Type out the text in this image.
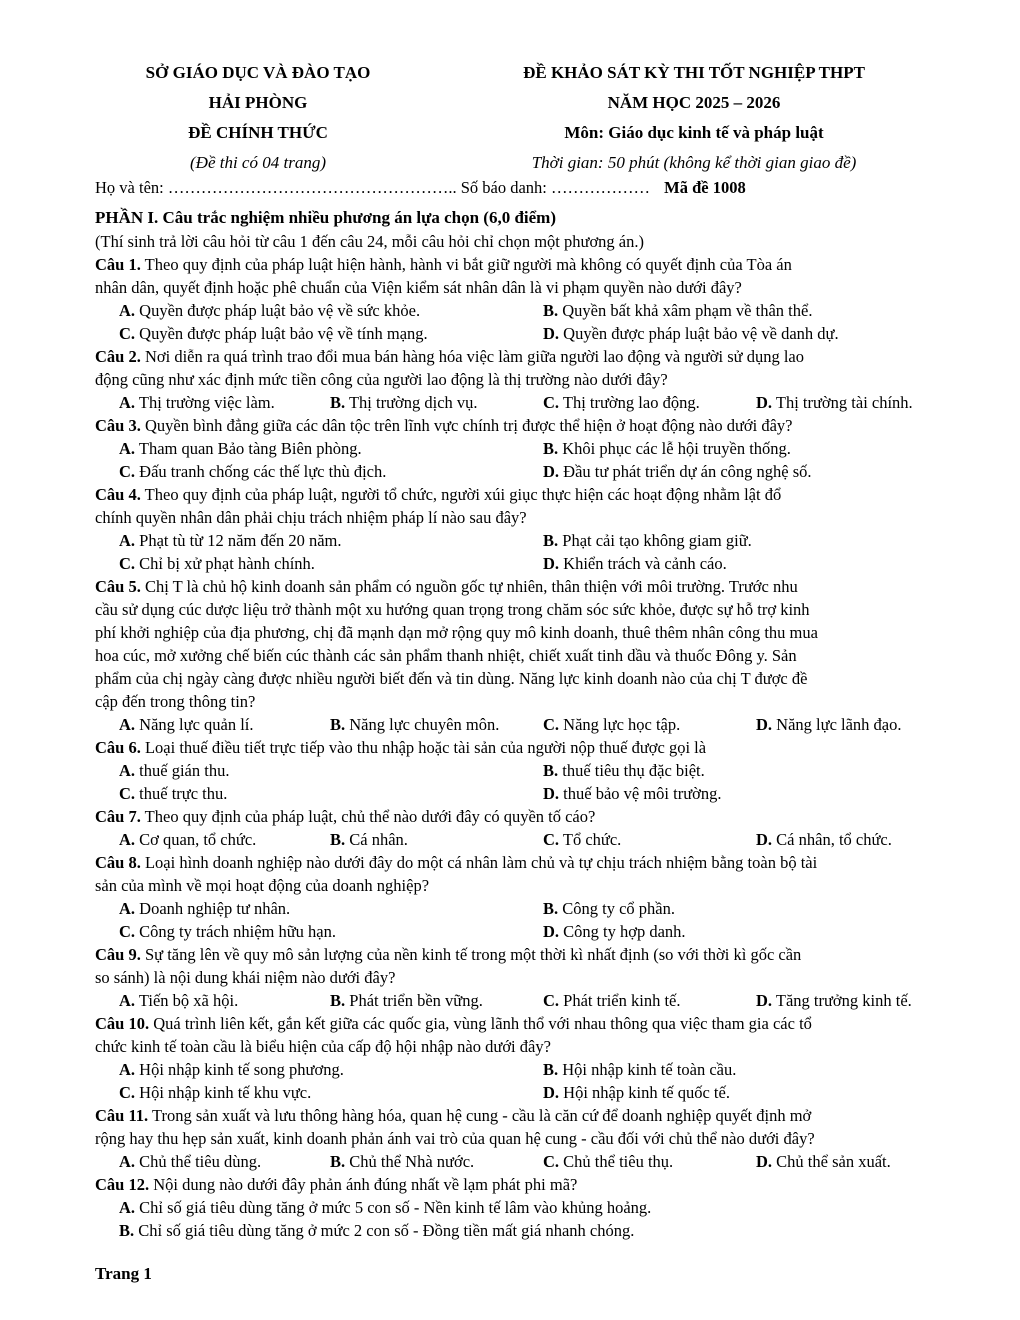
SỞ GIÁO DỤC VÀ ĐÀO TẠO
HẢI PHÒNG
ĐỀ CHÍNH THỨC
(Đề thi có 04 trang)
ĐỀ KHẢO SÁT KỲ THI TỐT NGHIỆP THPT
NĂM HỌC 2025 – 2026
Môn: Giáo dục kinh tế và pháp luật
Thời gian: 50 phút (không kể thời gian giao đề)
Họ và tên: …………………………………………….. Số báo danh: ……………… Mã đề 1008
PHẦN I. Câu trắc nghiệm nhiều phương án lựa chọn (6,0 điểm)
(Thí sinh trả lời câu hỏi từ câu 1 đến câu 24, mỗi câu hỏi chỉ chọn một phương án.)
Câu 1. Theo quy định của pháp luật hiện hành, hành vi bắt giữ người mà không có quyết định của Tòa án
nhân dân, quyết định hoặc phê chuẩn của Viện kiểm sát nhân dân là vi phạm quyền nào dưới đây?
A. Quyền được pháp luật bảo vệ về sức khỏe.	B. Quyền bất khả xâm phạm về thân thể.
C. Quyền được pháp luật bảo vệ về tính mạng.	D. Quyền được pháp luật bảo vệ về danh dự.
Câu 2. Nơi diễn ra quá trình trao đổi mua bán hàng hóa việc làm giữa người lao động và người sử dụng lao
động cũng như xác định mức tiền công của người lao động là thị trường nào dưới đây?
A. Thị trường việc làm.	B. Thị trường dịch vụ.	C. Thị trường lao động.	D. Thị trường tài chính.
Câu 3. Quyền bình đẳng giữa các dân tộc trên lĩnh vực chính trị được thể hiện ở hoạt động nào dưới đây?
A. Tham quan Bảo tàng Biên phòng.	B. Khôi phục các lễ hội truyền thống.
C. Đấu tranh chống các thế lực thù địch.	D. Đầu tư phát triển dự án công nghệ số.
Câu 4. Theo quy định của pháp luật, người tổ chức, người xúi giục thực hiện các hoạt động nhằm lật đổ
chính quyền nhân dân phải chịu trách nhiệm pháp lí nào sau đây?
A. Phạt tù từ 12 năm đến 20 năm.	B. Phạt cải tạo không giam giữ.
C. Chỉ bị xử phạt hành chính.	D. Khiển trách và cảnh cáo.
Câu 5. Chị T là chủ hộ kinh doanh sản phẩm có nguồn gốc tự nhiên, thân thiện với môi trường. Trước nhu
cầu sử dụng cúc dược liệu trở thành một xu hướng quan trọng trong chăm sóc sức khỏe, được sự hỗ trợ kinh
phí khởi nghiệp của địa phương, chị đã mạnh dạn mở rộng quy mô kinh doanh, thuê thêm nhân công thu mua
hoa cúc, mở xưởng chế biến cúc thành các sản phẩm thanh nhiệt, chiết xuất tinh dầu và thuốc Đông y. Sản
phẩm của chị ngày càng được nhiều người biết đến và tin dùng. Năng lực kinh doanh nào của chị T được đề
cập đến trong thông tin?
A. Năng lực quản lí.	B. Năng lực chuyên môn.	C. Năng lực học tập.	D. Năng lực lãnh đạo.
Câu 6. Loại thuế điều tiết trực tiếp vào thu nhập hoặc tài sản của người nộp thuế được gọi là
A. thuế gián thu.	B. thuế tiêu thụ đặc biệt.
C. thuế trực thu.	D. thuế bảo vệ môi trường.
Câu 7. Theo quy định của pháp luật, chủ thể nào dưới đây có quyền tố cáo?
A. Cơ quan, tổ chức.	B. Cá nhân.	C. Tổ chức.	D. Cá nhân, tổ chức.
Câu 8. Loại hình doanh nghiệp nào dưới đây do một cá nhân làm chủ và tự chịu trách nhiệm bằng toàn bộ tài
sản của mình về mọi hoạt động của doanh nghiệp?
A. Doanh nghiệp tư nhân.	B. Công ty cổ phần.
C. Công ty trách nhiệm hữu hạn.	D. Công ty hợp danh.
Câu 9. Sự tăng lên về quy mô sản lượng của nền kinh tế trong một thời kì nhất định (so với thời kì gốc cần
so sánh) là nội dung khái niệm nào dưới đây?
A. Tiến bộ xã hội.	B. Phát triển bền vững.	C. Phát triển kinh tế.	D. Tăng trưởng kinh tế.
Câu 10. Quá trình liên kết, gắn kết giữa các quốc gia, vùng lãnh thổ với nhau thông qua việc tham gia các tổ
chức kinh tế toàn cầu là biểu hiện của cấp độ hội nhập nào dưới đây?
A. Hội nhập kinh tế song phương.	B. Hội nhập kinh tế toàn cầu.
C. Hội nhập kinh tế khu vực.	D. Hội nhập kinh tế quốc tế.
Câu 11. Trong sản xuất và lưu thông hàng hóa, quan hệ cung - cầu là căn cứ để doanh nghiệp quyết định mở
rộng hay thu hẹp sản xuất, kinh doanh phản ánh vai trò của quan hệ cung - cầu đối với chủ thể nào dưới đây?
A. Chủ thể tiêu dùng.	B. Chủ thể Nhà nước.	C. Chủ thể tiêu thụ.	D. Chủ thể sản xuất.
Câu 12. Nội dung nào dưới đây phản ánh đúng nhất về lạm phát phi mã?
A. Chỉ số giá tiêu dùng tăng ở mức 5 con số - Nền kinh tế lâm vào khủng hoảng.
B. Chỉ số giá tiêu dùng tăng ở mức 2 con số - Đồng tiền mất giá nhanh chóng.
Trang 1
